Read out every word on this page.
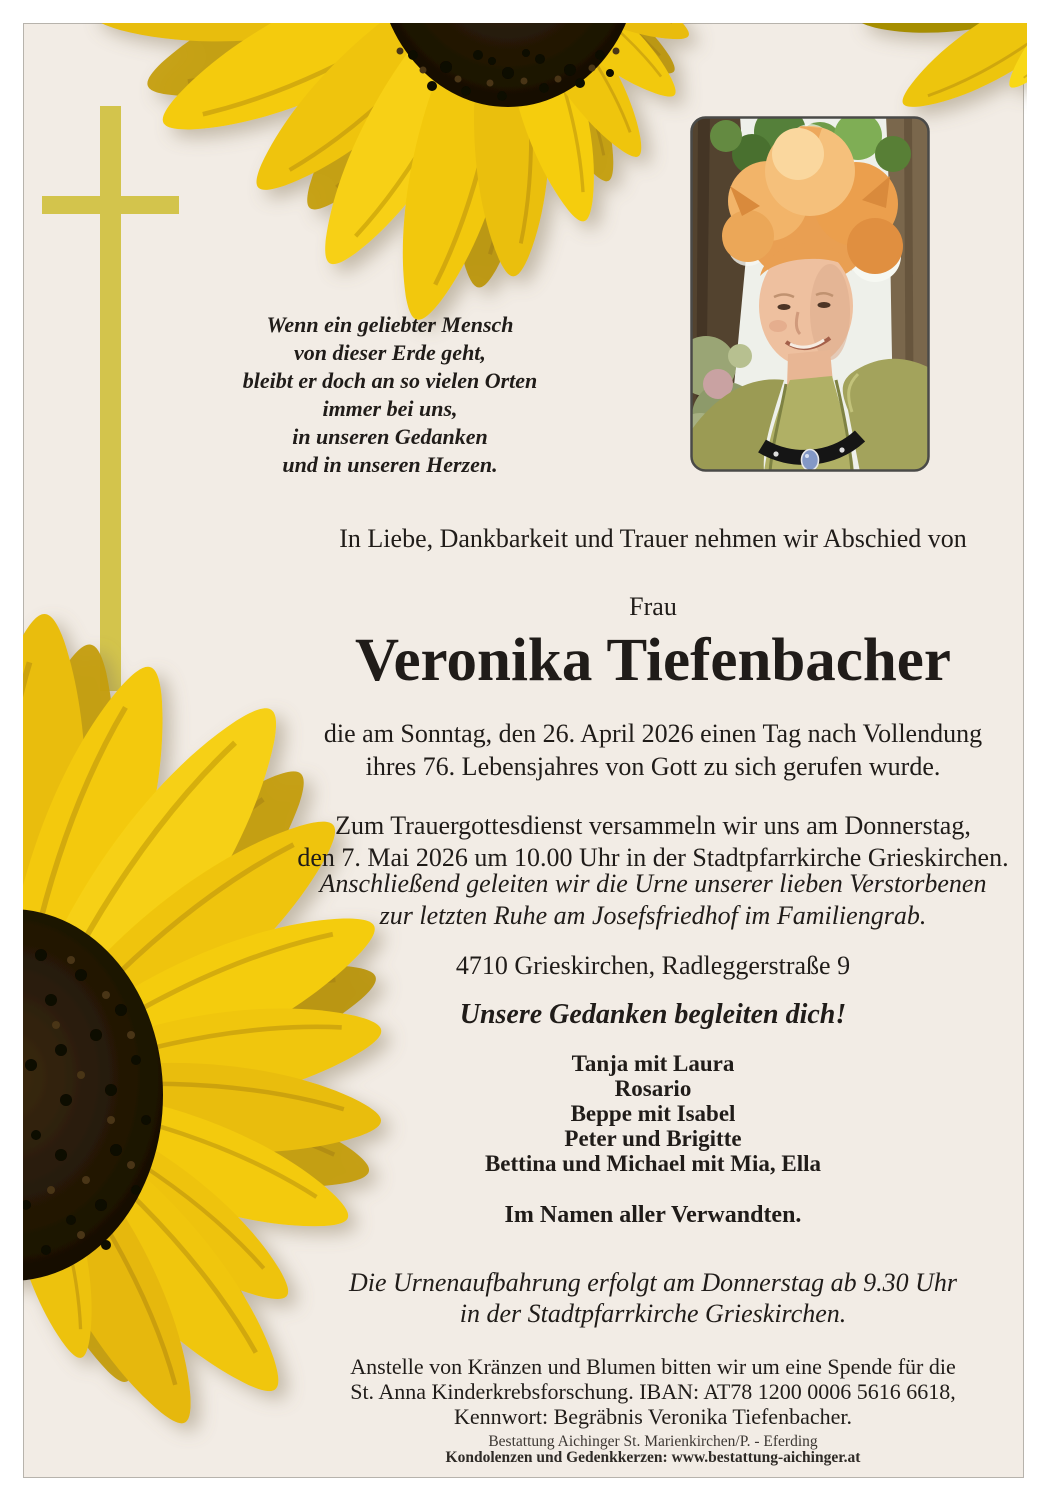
Wenn ein geliebter Mensch
von dieser Erde geht,
bleibt er doch an so vielen Orten
immer bei uns,
in unseren Gedanken
und in unseren Herzen.
In Liebe, Dankbarkeit und Trauer nehmen wir Abschied von
Frau
Veronika Tiefenbacher
die am Sonntag, den 26. April 2026 einen Tag nach Vollendung
ihres 76. Lebensjahres von Gott zu sich gerufen wurde.
Zum Trauergottesdienst versammeln wir uns am Donnerstag,
den 7. Mai 2026 um 10.00 Uhr in der Stadtpfarrkirche Grieskirchen.
Anschließend geleiten wir die Urne unserer lieben Verstorbenen
zur letzten Ruhe am Josefsfriedhof im Familiengrab.
4710 Grieskirchen, Radleggerstraße 9
Unsere Gedanken begleiten dich!
Tanja mit Laura
Rosario
Beppe mit Isabel
Peter und Brigitte
Bettina und Michael mit Mia, Ella
Im Namen aller Verwandten.
Die Urnenaufbahrung erfolgt am Donnerstag ab 9.30 Uhr
in der Stadtpfarrkirche Grieskirchen.
Anstelle von Kränzen und Blumen bitten wir um eine Spende für die
St. Anna Kinderkrebsforschung. IBAN: AT78 1200 0006 5616 6618,
Kennwort: Begräbnis Veronika Tiefenbacher.
Bestattung Aichinger St. Marienkirchen/P. - Eferding
Kondolenzen und Gedenkkerzen: www.bestattung-aichinger.at
